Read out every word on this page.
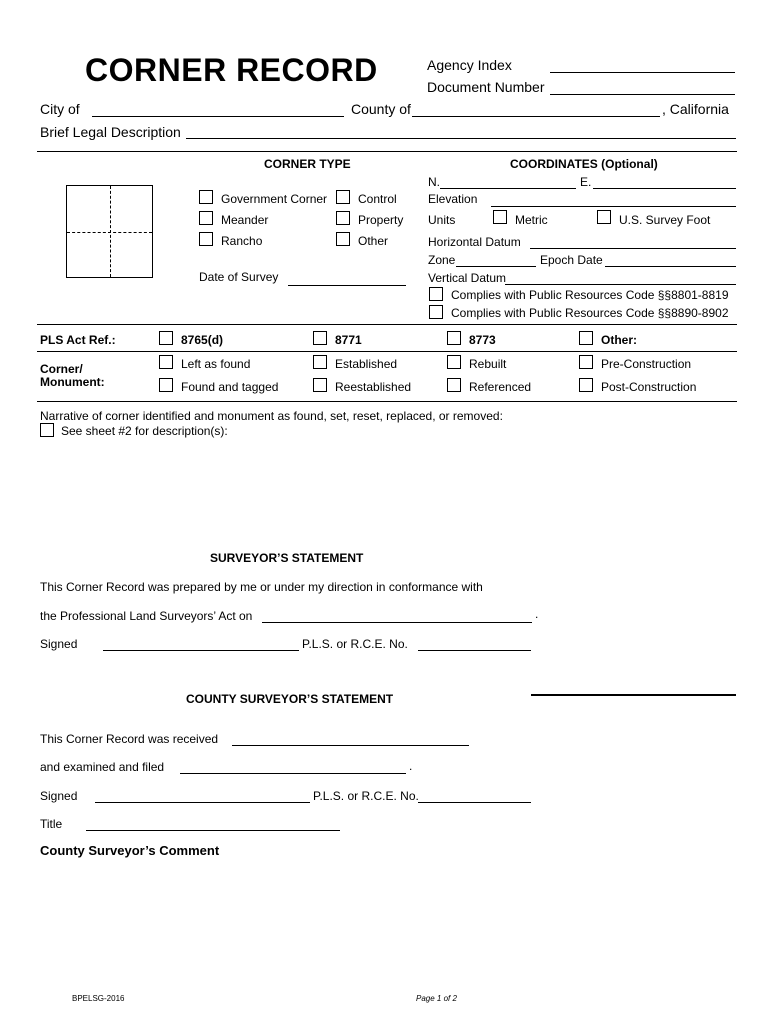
CORNER RECORD	Agency Index
Document Number
City of	County of	, California
Brief Legal Description
CORNER TYPE
Government Corner	Control
Meander	Property
Rancho	Other
Date of Survey
COORDINATES (Optional)
N.	E.
Elevation
Units	Metric	U.S. Survey Foot
Horizontal Datum
Zone	Epoch Date
Vertical Datum
Complies with Public Resources Code §§8801-8819
Complies with Public Resources Code §§8890-8902
PLS Act Ref.:	8765(d)	8771	8773	Other:
Corner/
Monument:
Left as found	Established	Rebuilt	Pre-Construction
Found and tagged	Reestablished	Referenced	Post-Construction
Narrative of corner identified and monument as found, set, reset, replaced, or removed:
See sheet #2 for description(s):
SURVEYOR’S STATEMENT
This Corner Record was prepared by me or under my direction in conformance with
the Professional Land Surveyors’ Act on	.
Signed	P.L.S. or R.C.E. No.
COUNTY SURVEYOR’S STATEMENT
This Corner Record was received
and examined and filed	.
Signed	P.L.S. or R.C.E. No.
Title
County Surveyor’s Comment
BPELSG-2016	Page 1 of 2
